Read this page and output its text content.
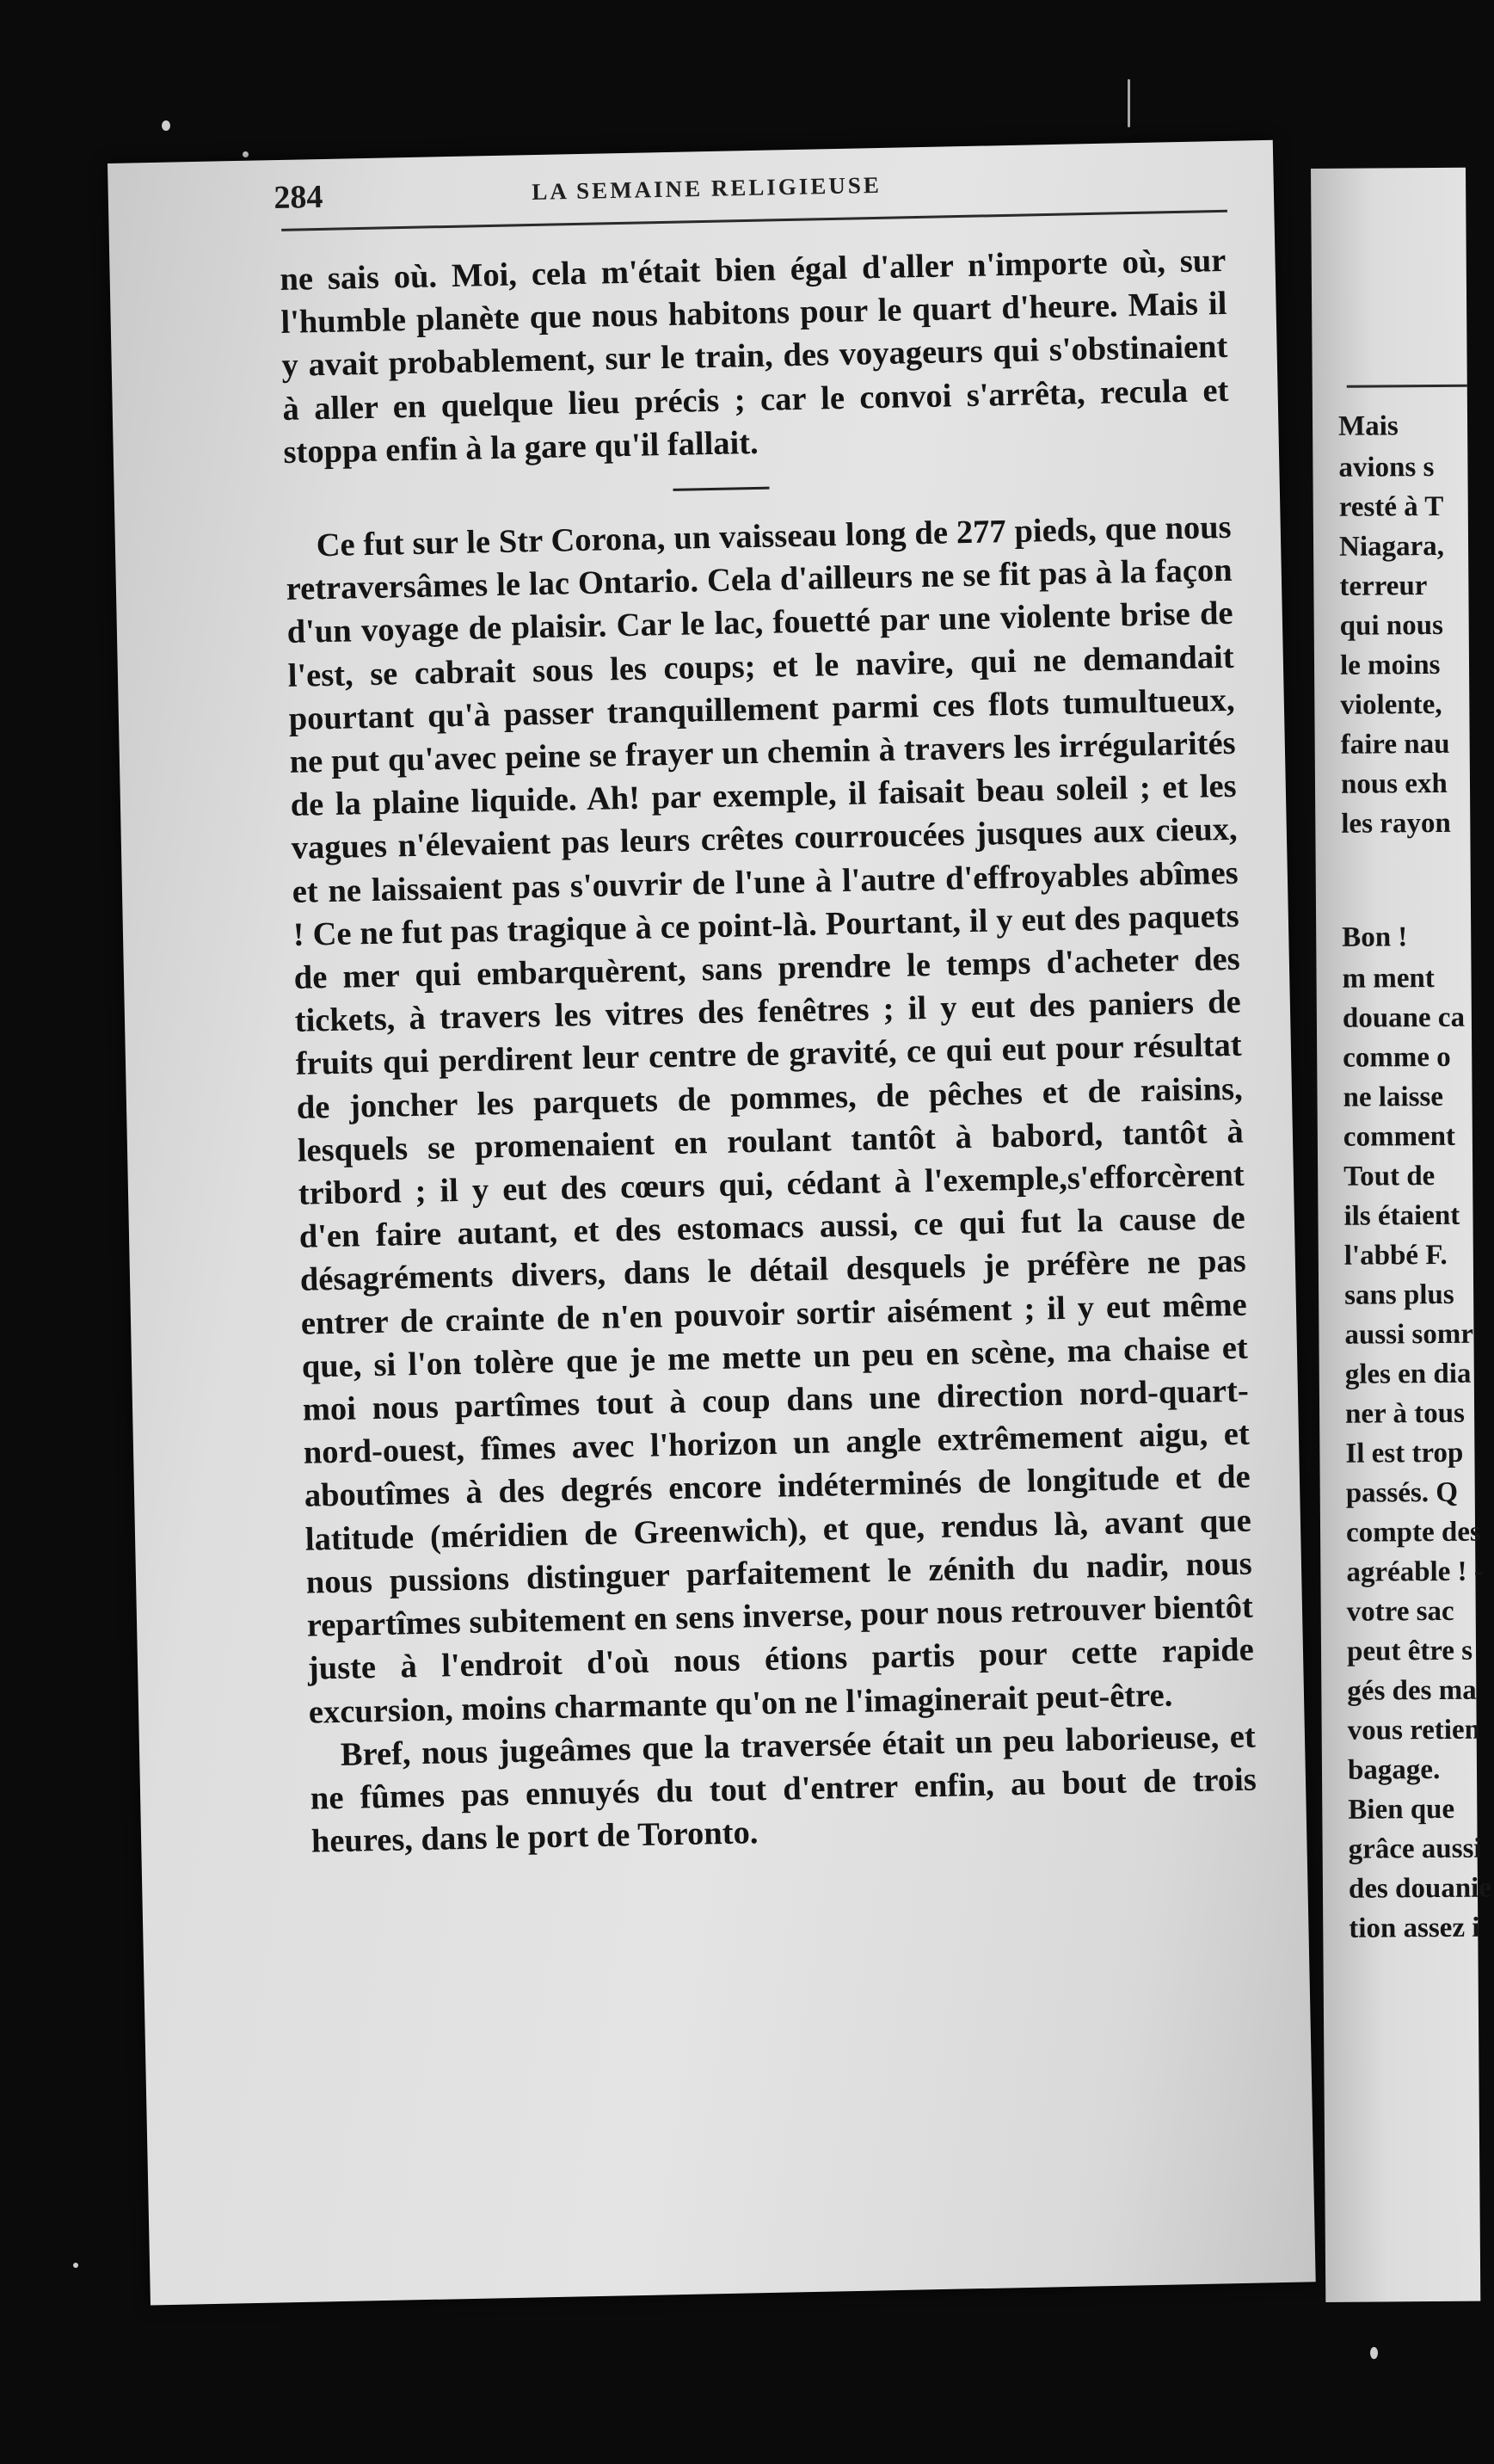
284	LA SEMAINE RELIGIEUSE

ne sais où. Moi, cela m'était bien égal d'aller n'importe où, sur l'humble planète que nous habitons pour le quart d'heure. Mais il y avait probablement, sur le train, des voyageurs qui s'obstinaient à aller en quelque lieu précis ; car le convoi s'arrêta, recula et stoppa enfin à la gare qu'il fallait.

Ce fut sur le Str Corona, un vaisseau long de 277 pieds, que nous retraversâmes le lac Ontario. Cela d'ailleurs ne se fit pas à la façon d'un voyage de plaisir. Car le lac, fouetté par une violente brise de l'est, se cabrait sous les coups; et le navire, qui ne demandait pourtant qu'à passer tranquillement parmi ces flots tumultueux, ne put qu'avec peine se frayer un chemin à travers les irrégularités de la plaine liquide. Ah! par exemple, il faisait beau soleil ; et les vagues n'élevaient pas leurs crêtes courroucées jusques aux cieux, et ne laissaient pas s'ouvrir de l'une à l'autre d'effroyables abîmes ! Ce ne fut pas tragique à ce point-là. Pourtant, il y eut des paquets de mer qui embarquèrent, sans prendre le temps d'acheter des tickets, à travers les vitres des fenêtres ; il y eut des paniers de fruits qui perdirent leur centre de gravité, ce qui eut pour résultat de joncher les parquets de pommes, de pêches et de raisins, lesquels se promenaient en roulant tantôt à babord, tantôt à tribord ; il y eut des cœurs qui, cédant à l'exemple,s'efforcèrent d'en faire autant, et des estomacs aussi, ce qui fut la cause de désagréments divers, dans le détail desquels je préfère ne pas entrer de crainte de n'en pouvoir sortir aisément ; il y eut même que, si l'on tolère que je me mette un peu en scène, ma chaise et moi nous partîmes tout à coup dans une direction nord-quart-nord-ouest, fîmes avec l'horizon un angle extrêmement aigu, et aboutîmes à des degrés encore indéterminés de longitude et de latitude (méridien de Greenwich), et que, rendus là, avant que nous pussions distinguer parfaitement le zénith du nadir, nous repartîmes subitement en sens inverse, pour nous retrouver bientôt juste à l'endroit d'où nous étions partis pour cette rapide excursion, moins charmante qu'on ne l'imaginerait peut-être.

Bref, nous jugeâmes que la traversée était un peu laborieuse, et ne fûmes pas ennuyés du tout d'entrer enfin, au bout de trois heures, dans le port de Toronto.

Mais
avions s
resté à T
Niagara,
terreur
qui nous
le moins
violente,
faire nau
nous exh
les rayon
Bon !
m ment
douane ca
comme o
ne laisse
comment
Tout de
ils étaient
l'abbé F.
sans plus
aussi somr
gles en dia
ner à tous
Il est trop
passés. Q
compte des
agréable ! -
votre sac
peut être s
gés des ma
vous retien
bagage.
Bien que
grâce aussi
des douanie
tion assez i
